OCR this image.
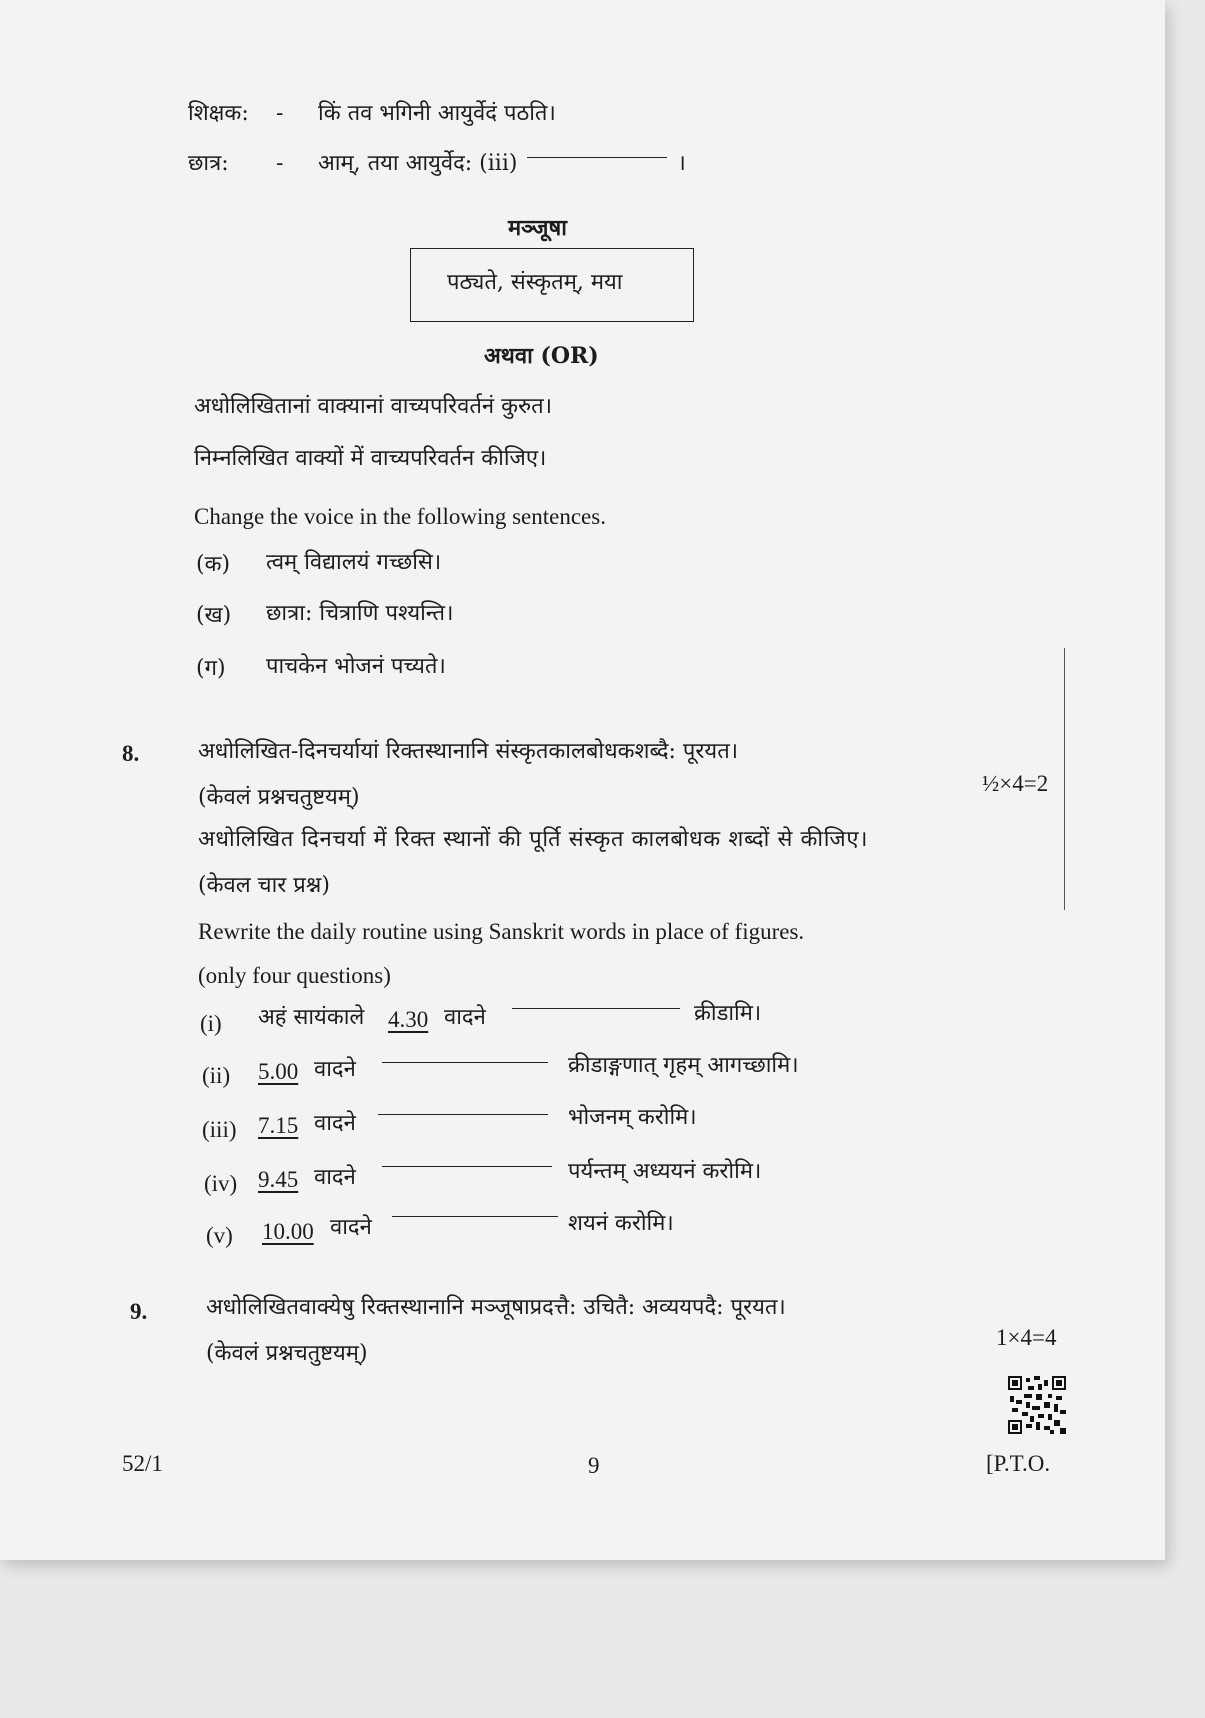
शिक्षक: - किं तव भगिनी आयुर्वेदं पठति।
छात्र: - आम्, तया आयुर्वेद: (iii)	।
मञ्जूषा
पठ्यते, संस्कृतम्, मया
अथवा (OR)
अधोलिखितानां वाक्यानां वाच्यपरिवर्तनं कुरुत।
निम्नलिखित वाक्यों में वाच्यपरिवर्तन कीजिए।
Change the voice in the following sentences.
(क) त्वम् विद्यालयं गच्छसि।
(ख) छात्रा: चित्राणि पश्यन्ति।
(ग) पाचकेन भोजनं पच्यते।
8.	अधोलिखित-दिनचर्यायां रिक्तस्थानानि संस्कृतकालबोधकशब्दै: पूरयत।
(केवलं प्रश्नचतुष्टयम्)
½×4=2
अधोलिखित दिनचर्या में रिक्त स्थानों की पूर्ति संस्कृत कालबोधक शब्दों से कीजिए।
(केवल चार प्रश्न)
Rewrite the daily routine using Sanskrit words in place of figures.
(only four questions)
(i) अहं सायंकाले 4.30 वादने	क्रीडामि।
(ii) 5.00 वादने	क्रीडाङ्गणात् गृहम् आगच्छामि।
(iii) 7.15 वादने	भोजनम् करोमि।
(iv) 9.45 वादने	पर्यन्तम् अध्ययनं करोमि।
(v) 10.00 वादने	शयनं करोमि।
9.	अधोलिखितवाक्येषु रिक्तस्थानानि मञ्जूषाप्रदत्तै: उचितै: अव्ययपदै: पूरयत।
(केवलं प्रश्नचतुष्टयम्)
1×4=4
52/1	9	[P.T.O.
